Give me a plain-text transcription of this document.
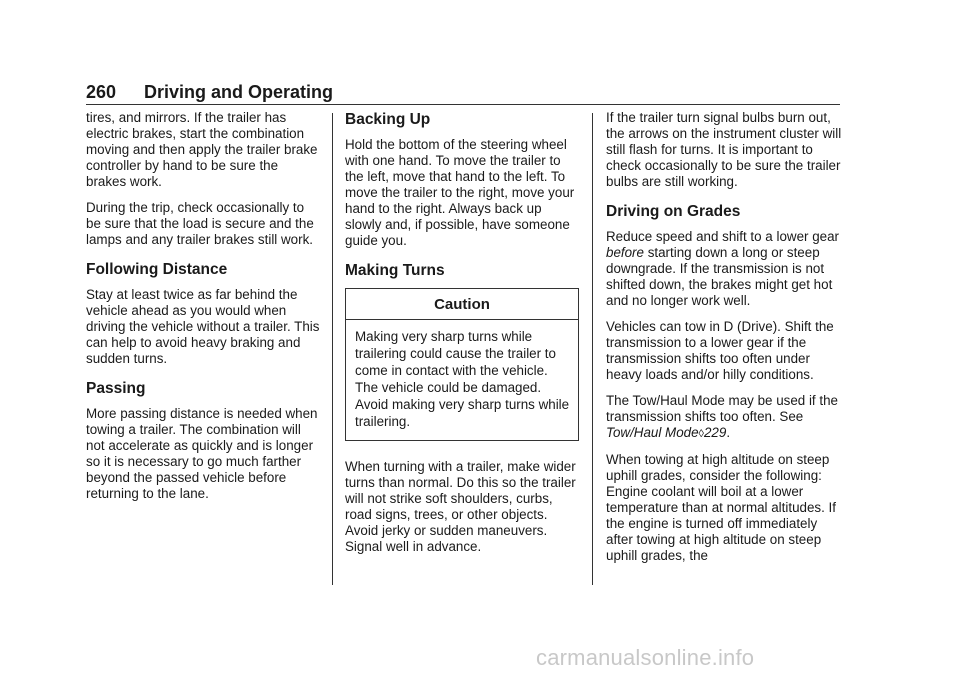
260 Driving and Operating

tires, and mirrors. If the trailer has electric brakes, start the combination moving and then apply the trailer brake controller by hand to be sure the brakes work.

During the trip, check occasionally to be sure that the load is secure and the lamps and any trailer brakes still work.

Following Distance

Stay at least twice as far behind the vehicle ahead as you would when driving the vehicle without a trailer. This can help to avoid heavy braking and sudden turns.

Passing

More passing distance is needed when towing a trailer. The combination will not accelerate as quickly and is longer so it is necessary to go much farther beyond the passed vehicle before returning to the lane.

Backing Up

Hold the bottom of the steering wheel with one hand. To move the trailer to the left, move that hand to the left. To move the trailer to the right, move your hand to the right. Always back up slowly and, if possible, have someone guide you.

Making Turns
Caution
Making very sharp turns while trailering could cause the trailer to come in contact with the vehicle. The vehicle could be damaged. Avoid making very sharp turns while trailering.

When turning with a trailer, make wider turns than normal. Do this so the trailer will not strike soft shoulders, curbs, road signs, trees, or other objects. Avoid jerky or sudden maneuvers. Signal well in advance.

If the trailer turn signal bulbs burn out, the arrows on the instrument cluster will still flash for turns. It is important to check occasionally to be sure the trailer bulbs are still working.

Driving on Grades

Reduce speed and shift to a lower gear before starting down a long or steep downgrade. If the transmission is not shifted down, the brakes might get hot and no longer work well.

Vehicles can tow in D (Drive). Shift the transmission to a lower gear if the transmission shifts too often under heavy loads and/or hilly conditions.

The Tow/Haul Mode may be used if the transmission shifts too often. See Tow/Haul Mode◊229.

When towing at high altitude on steep uphill grades, consider the following: Engine coolant will boil at a lower temperature than at normal altitudes. If the engine is turned off immediately after towing at high altitude on steep uphill grades, the

carmanualsonline.info
